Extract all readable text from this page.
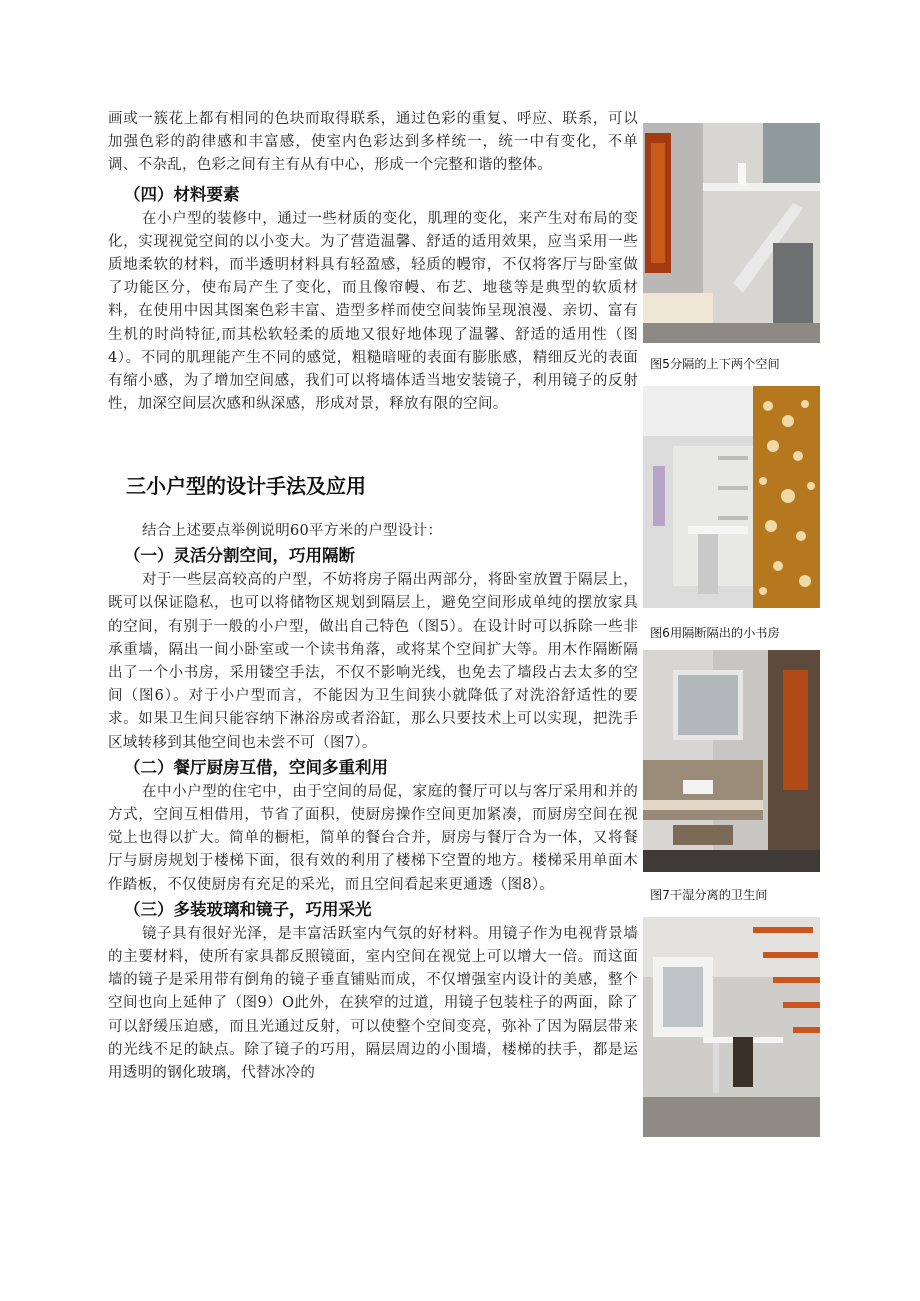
画或一簇花上都有相同的色块而取得联系，通过色彩的重复、呼应、联系，可以加强色彩的韵律感和丰富感，使室内色彩达到多样统一，统一中有变化，不单调、不杂乱，色彩之间有主有从有中心，形成一个完整和谐的整体。

（四）材料要素

在小户型的装修中，通过一些材质的变化，肌理的变化，来产生对布局的变化，实现视觉空间的以小变大。为了营造温馨、舒适的适用效果，应当采用一些质地柔软的材料，而半透明材料具有轻盈感，轻质的幔帘，不仅将客厅与卧室做了功能区分，使布局产生了变化，而且像帘幔、布艺、地毯等是典型的软质材料，在使用中因其图案色彩丰富、造型多样而使空间装饰呈现浪漫、亲切、富有生机的时尚特征,而其松软轻柔的质地又很好地体现了温馨、舒适的适用性（图4）。不同的肌理能产生不同的感觉，粗糙暗哑的表面有膨胀感，精细反光的表面有缩小感，为了增加空间感，我们可以将墙体适当地安装镜子，利用镜子的反射性，加深空间层次感和纵深感，形成对景，释放有限的空间。

三小户型的设计手法及应用

结合上述要点举例说明60平方米的户型设计：

（一）灵活分割空间，巧用隔断

对于一些层高较高的户型，不妨将房子隔出两部分，将卧室放置于隔层上，既可以保证隐私，也可以将储物区规划到隔层上，避免空间形成单纯的摆放家具的空间，有别于一般的小户型，做出自己特色（图5）。在设计时可以拆除一些非承重墙，隔出一间小卧室或一个读书角落，或将某个空间扩大等。用木作隔断隔出了一个小书房，采用镂空手法，不仅不影响光线，也免去了墙段占去太多的空间（图6）。对于小户型而言，不能因为卫生间狭小就降低了对洗浴舒适性的要求。如果卫生间只能容纳下淋浴房或者浴缸，那么只要技术上可以实现，把洗手区域转移到其他空间也未尝不可（图7）。

（二）餐厅厨房互借，空间多重利用

在中小户型的住宅中，由于空间的局促，家庭的餐厅可以与客厅采用和并的方式，空间互相借用，节省了面积，使厨房操作空间更加紧凑，而厨房空间在视觉上也得以扩大。简单的橱柜，简单的餐台合并，厨房与餐厅合为一体，又将餐厅与厨房规划于楼梯下面，很有效的利用了楼梯下空置的地方。楼梯采用单面木作踏板，不仅使厨房有充足的采光，而且空间看起来更通透（图8）。

（三）多装玻璃和镜子，巧用采光

镜子具有很好光泽，是丰富活跃室内气氛的好材料。用镜子作为电视背景墙的主要材料，使所有家具都反照镜面，室内空间在视觉上可以增大一倍。而这面墙的镜子是采用带有倒角的镜子垂直铺贴而成，不仅增强室内设计的美感，整个空间也向上延伸了（图9）O此外，在狭窄的过道，用镜子包装柱子的两面，除了可以舒缓压迫感，而且光通过反射，可以使整个空间变亮，弥补了因为隔层带来的光线不足的缺点。除了镜子的巧用，隔层周边的小围墙，楼梯的扶手，都是运用透明的钢化玻璃，代替冰冷的

图5分隔的上下两个空间
图6用隔断隔出的小书房
图7干湿分离的卫生间
